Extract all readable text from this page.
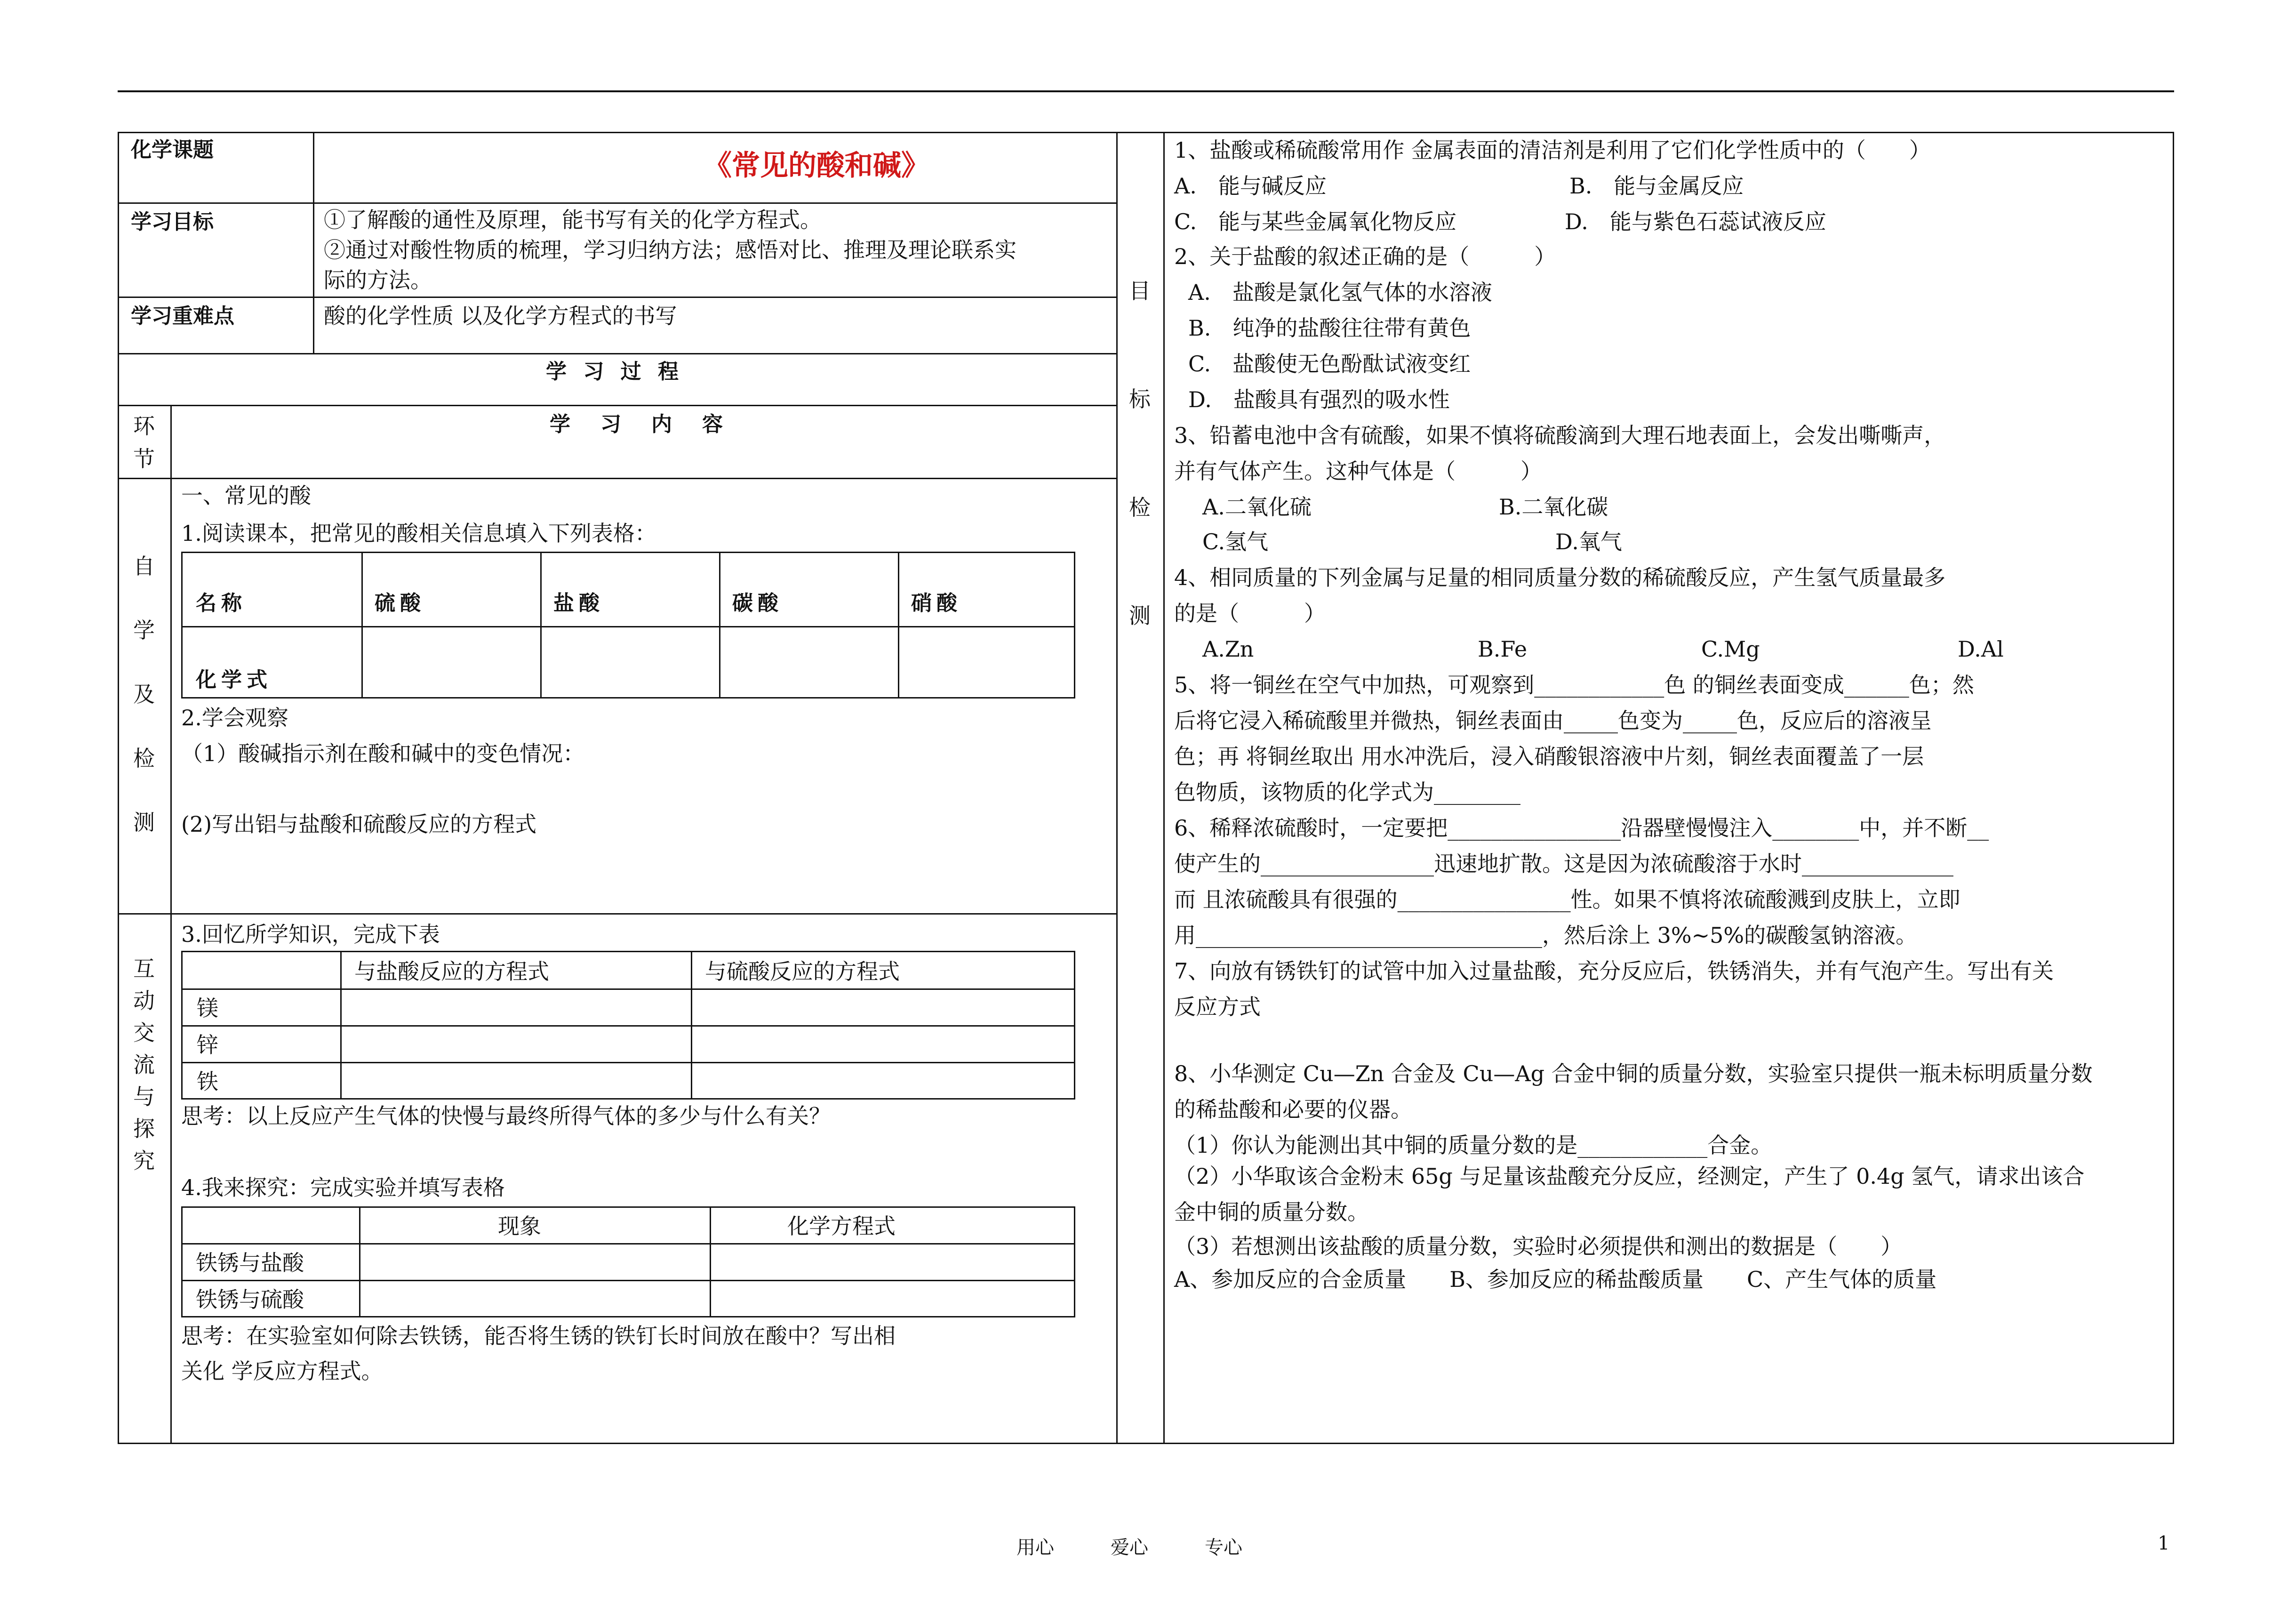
化学课题	《常见的酸和碱》
学习目标	①了解酸的通性及原理，能书写有关的化学方程式。
②通过对酸性物质的梳理，学习归纳方法；感悟对比、推理及理论联系实
际的方法。
学习重难点	酸的化学性质 以及化学方程式的书写
学 习 过 程
环
节
学　习　内　容
自
学
及
检
测
互
动
交
流
与
探
究
一、常见的酸
1.阅读课本，把常见的酸相关信息填入下列表格：
名称	硫酸	盐酸	碳酸	硝酸
化学式
2.学会观察
（1）酸碱指示剂在酸和碱中的变色情况：
(2)写出铝与盐酸和硫酸反应的方程式
3.回忆所学知识，完成下表
与盐酸反应的方程式	与硫酸反应的方程式
镁
锌
铁
思考：以上反应产生气体的快慢与最终所得气体的多少与什么有关？
4.我来探究：完成实验并填写表格
现象	化学方程式
铁锈与盐酸
铁锈与硫酸
思考：在实验室如何除去铁锈，能否将生锈的铁钉长时间放在酸中？写出相
关化 学反应方程式。
目
标
检
测
1、盐酸或稀硫酸常用作 金属表面的清洁剂是利用了它们化学性质中的（　　）
A.　能与碱反应	B.　能与金属反应
C.　能与某些金属氧化物反应	D.　能与紫色石蕊试液反应
2、关于盐酸的叙述正确的是（　　　）
A.　盐酸是氯化氢气体的水溶液
B.　纯净的盐酸往往带有黄色
C.　盐酸使无色酚酞试液变红
D.　盐酸具有强烈的吸水性
3、铅蓄电池中含有硫酸，如果不慎将硫酸滴到大理石地表面上，会发出嘶嘶声，
并有气体产生。这种气体是（　　　）
A.二氧化硫	B.二氧化碳
C.氢气	D.氧气
4、相同质量的下列金属与足量的相同质量分数的稀硫酸反应，产生氢气质量最多
的是（　　　）
A.Zn	B.Fe	C.Mg	D.Al
5、将一铜丝在空气中加热，可观察到____________色 的铜丝表面变成______色；然
后将它浸入稀硫酸里并微热，铜丝表面由_____色变为_____色，反应后的溶液呈
色；再 将铜丝取出 用水冲洗后，浸入硝酸银溶液中片刻，铜丝表面覆盖了一层
色物质，该物质的化学式为________
6、稀释浓硫酸时，一定要把________________沿器壁慢慢注入________中，并不断__
使产生的________________迅速地扩散。这是因为浓硫酸溶于水时______________
而 且浓硫酸具有很强的________________性。如果不慎将浓硫酸溅到皮肤上，立即
用________________________________，然后涂上 3%~5%的碳酸氢钠溶液。
7、向放有锈铁钉的试管中加入过量盐酸，充分反应后，铁锈消失，并有气泡产生。写出有关
反应方式
8、小华测定 Cu—Zn 合金及 Cu—Ag 合金中铜的质量分数，实验室只提供一瓶未标明质量分数
的稀盐酸和必要的仪器。
（1）你认为能测出其中铜的质量分数的是____________合金。
（2）小华取该合金粉末 65g 与足量该盐酸充分反应，经测定，产生了 0.4g 氢气，请求出该合
金中铜的质量分数。
（3）若想测出该盐酸的质量分数，实验时必须提供和测出的数据是（　　）
A、参加反应的合金质量　　B、参加反应的稀盐酸质量　　C、产生气体的质量
用心　　　爱心　　　专心	1
